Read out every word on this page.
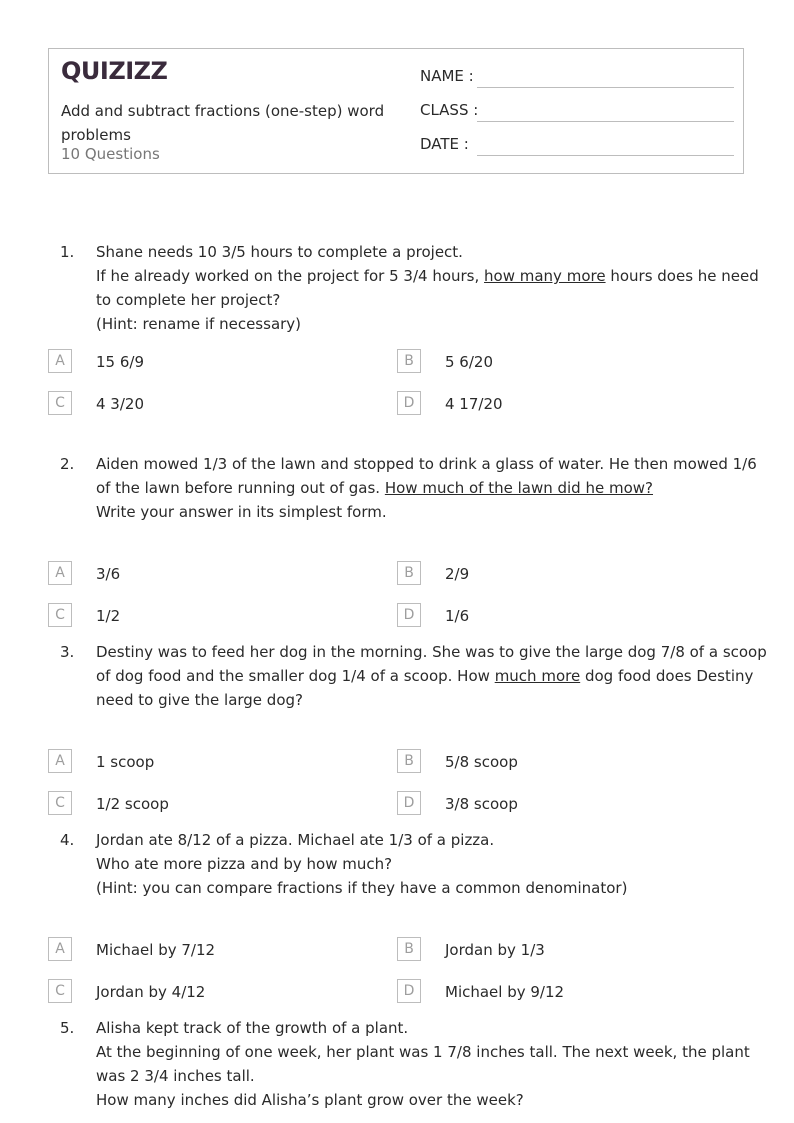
QUIZIZZ
Add and subtract fractions (one-step) word problems
10 Questions
NAME :
CLASS :
DATE :
1. Shane needs 10 3/5 hours to complete a project.
If he already worked on the project for 5 3/4 hours, how many more hours does he need
to complete her project?
(Hint: rename if necessary)
A	15 6/9	B	5 6/20
C	4 3/20	D	4 17/20
2. Aiden mowed 1/3 of the lawn and stopped to drink a glass of water. He then mowed 1/6
of the lawn before running out of gas. How much of the lawn did he mow?
Write your answer in its simplest form.
A	3/6	B	2/9
C	1/2	D	1/6
3. Destiny was to feed her dog in the morning. She was to give the large dog 7/8 of a scoop
of dog food and the smaller dog 1/4 of a scoop. How much more dog food does Destiny
need to give the large dog?
A	1 scoop	B	5/8 scoop
C	1/2 scoop	D	3/8 scoop
4. Jordan ate 8/12 of a pizza. Michael ate 1/3 of a pizza.
Who ate more pizza and by how much?
(Hint: you can compare fractions if they have a common denominator)
A	Michael by 7/12	B	Jordan by 1/3
C	Jordan by 4/12	D	Michael by 9/12
5. Alisha kept track of the growth of a plant.
At the beginning of one week, her plant was 1 7/8 inches tall. The next week, the plant
was 2 3/4 inches tall.
How many inches did Alisha’s plant grow over the week?
